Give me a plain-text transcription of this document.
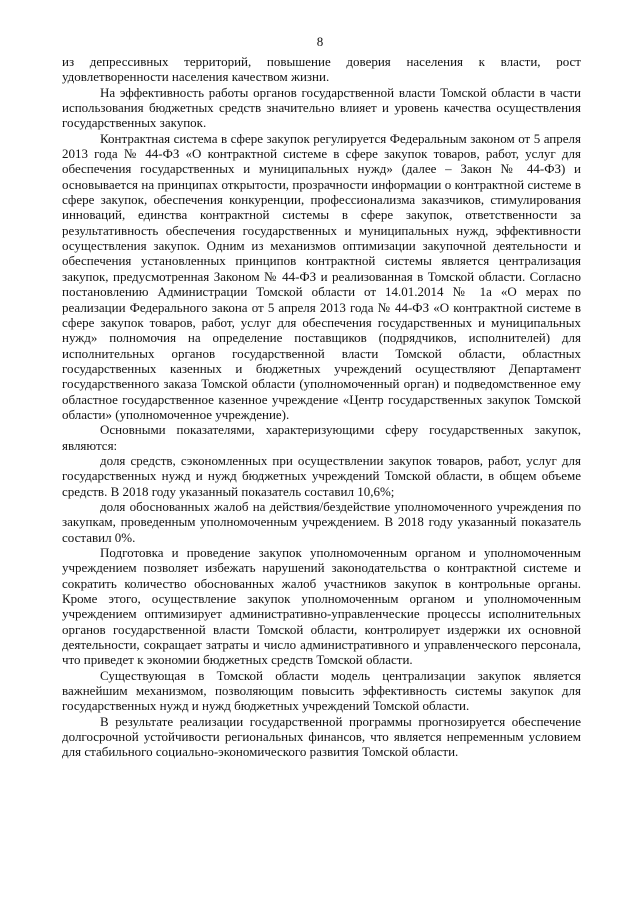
8

из депрессивных территорий, повышение доверия населения к власти, рост удовлетворенности населения качеством жизни.

На эффективность работы органов государственной власти Томской области в части использования бюджетных средств значительно влияет и уровень качества осуществления государственных закупок.

Контрактная система в сфере закупок регулируется Федеральным законом от 5 апреля 2013 года № 44-ФЗ «О контрактной системе в сфере закупок товаров, работ, услуг для обеспечения государственных и муниципальных нужд» (далее – Закон № 44-ФЗ) и основывается на принципах открытости, прозрачности информации о контрактной системе в сфере закупок, обеспечения конкуренции, профессионализма заказчиков, стимулирования инноваций, единства контрактной системы в сфере закупок, ответственности за результативность обеспечения государственных и муниципальных нужд, эффективности осуществления закупок. Одним из механизмов оптимизации закупочной деятельности и обеспечения установленных принципов контрактной системы является централизация закупок, предусмотренная Законом № 44-ФЗ и реализованная в Томской области. Согласно постановлению Администрации Томской области от 14.01.2014 № 1а «О мерах по реализации Федерального закона от 5 апреля 2013 года № 44-ФЗ «О контрактной системе в сфере закупок товаров, работ, услуг для обеспечения государственных и муниципальных нужд» полномочия на определение поставщиков (подрядчиков, исполнителей) для исполнительных органов государственной власти Томской области, областных государственных казенных и бюджетных учреждений осуществляют Департамент государственного заказа Томской области (уполномоченный орган) и подведомственное ему областное государственное казенное учреждение «Центр государственных закупок Томской области» (уполномоченное учреждение).

Основными показателями, характеризующими сферу государственных закупок, являются:

доля средств, сэкономленных при осуществлении закупок товаров, работ, услуг для государственных нужд и нужд бюджетных учреждений Томской области, в общем объеме средств. В 2018 году указанный показатель составил 10,6%;

доля обоснованных жалоб на действия/бездействие уполномоченного учреждения по закупкам, проведенным уполномоченным учреждением. В 2018 году указанный показатель составил 0%.

Подготовка и проведение закупок уполномоченным органом и уполномоченным учреждением позволяет избежать нарушений законодательства о контрактной системе и сократить количество обоснованных жалоб участников закупок в контрольные органы. Кроме этого, осуществление закупок уполномоченным органом и уполномоченным учреждением оптимизирует административно-управленческие процессы исполнительных органов государственной власти Томской области, контролирует издержки их основной деятельности, сокращает затраты и число административного и управленческого персонала, что приведет к экономии бюджетных средств Томской области.

Существующая в Томской области модель централизации закупок является важнейшим механизмом, позволяющим повысить эффективность системы закупок для государственных нужд и нужд бюджетных учреждений Томской области.

В результате реализации государственной программы прогнозируется обеспечение долгосрочной устойчивости региональных финансов, что является непременным условием для стабильного социально-экономического развития Томской области.
